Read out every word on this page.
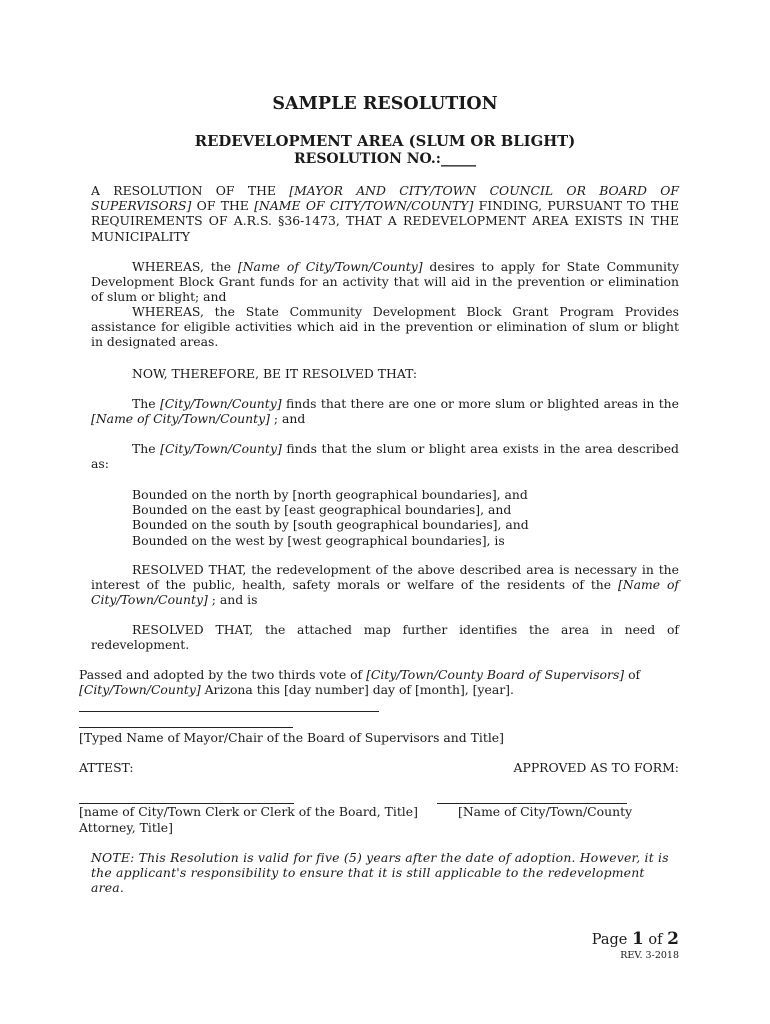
SAMPLE RESOLUTION
REDEVELOPMENT AREA (SLUM OR BLIGHT)
RESOLUTION NO.:_____
A RESOLUTION OF THE [MAYOR AND CITY/TOWN COUNCIL OR BOARD OF SUPERVISORS] OF THE [NAME OF CITY/TOWN/COUNTY] FINDING, PURSUANT TO THE REQUIREMENTS OF A.R.S. §36-1473, THAT A REDEVELOPMENT AREA EXISTS IN THE MUNICIPALITY
WHEREAS, the [Name of City/Town/County] desires to apply for State Community Development Block Grant funds for an activity that will aid in the prevention or elimination of slum or blight; and
WHEREAS, the State Community Development Block Grant Program Provides assistance for eligible activities which aid in the prevention or elimination of slum or blight in designated areas.
NOW, THEREFORE, BE IT RESOLVED THAT:
The [City/Town/County] finds that there are one or more slum or blighted areas in the [Name of City/Town/County] ; and
The [City/Town/County] finds that the slum or blight area exists in the area described as:
Bounded on the north by [north geographical boundaries], and
Bounded on the east by [east geographical boundaries], and
Bounded on the south by [south geographical boundaries], and
Bounded on the west by [west geographical boundaries], is
RESOLVED THAT, the redevelopment of the above described area is necessary in the interest of the public, health, safety morals or welfare of the residents of the [Name of City/Town/County] ; and is
RESOLVED THAT, the attached map further identifies the area in need of redevelopment.
Passed and adopted by the two thirds vote of [City/Town/County Board of Supervisors] of
[City/Town/County] Arizona this [day number] day of [month], [year].
[Typed Name of Mayor/Chair of the Board of Supervisors and Title]
ATTEST:	APPROVED AS TO FORM:
[name of City/Town Clerk or Clerk of the Board, Title]	[Name of City/Town/County
Attorney, Title]
NOTE: This Resolution is valid for five (5) years after the date of adoption. However, it is the applicant's responsibility to ensure that it is still applicable to the redevelopment area.
Page 1 of 2
REV. 3-2018
